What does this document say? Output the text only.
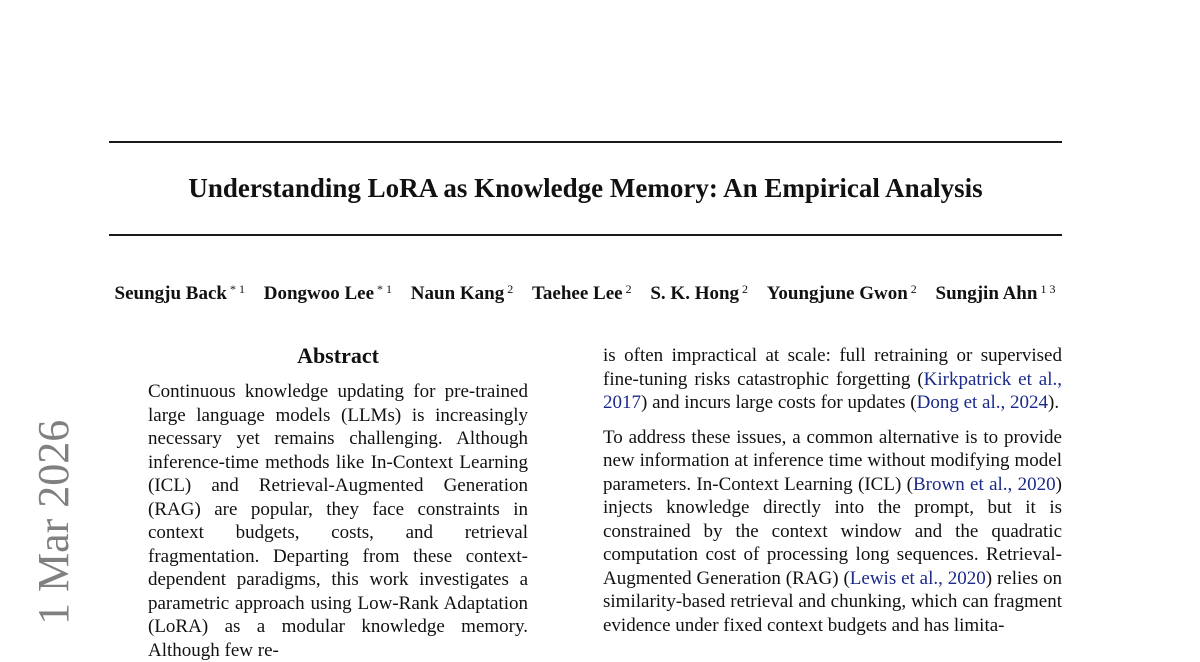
Understanding LoRA as Knowledge Memory: An Empirical Analysis
Seungju Back $^{* 1}$ Dongwoo Lee $^{* 1}$ Naun Kang $^2$ Taehee Lee $^2$ S. K. Hong $^2$ Youngjune Gwon $^2$ Sungjin Ahn $^{1 3}$
1 Mar 2026
Abstract
Continuous knowledge updating for pre-trained large language models (LLMs) is increasingly necessary yet remains challenging. Although inference-time methods like In-Context Learning (ICL) and Retrieval-Augmented Generation (RAG) are popular, they face constraints in context budgets, costs, and retrieval fragmentation. Departing from these context-dependent paradigms, this work investigates a parametric approach using Low-Rank Adaptation (LoRA) as a modular knowledge memory. Although few re-

is often impractical at scale: full retraining or supervised fine-tuning risks catastrophic forgetting (Kirkpatrick et al., 2017) and incurs large costs for updates (Dong et al., 2024).

To address these issues, a common alternative is to provide new information at inference time without modifying model parameters. In-Context Learning (ICL) (Brown et al., 2020) injects knowledge directly into the prompt, but it is constrained by the context window and the quadratic computation cost of processing long sequences. Retrieval-Augmented Generation (RAG) (Lewis et al., 2020) relies on similarity-based retrieval and chunking, which can fragment evidence under fixed context budgets and has limita-
